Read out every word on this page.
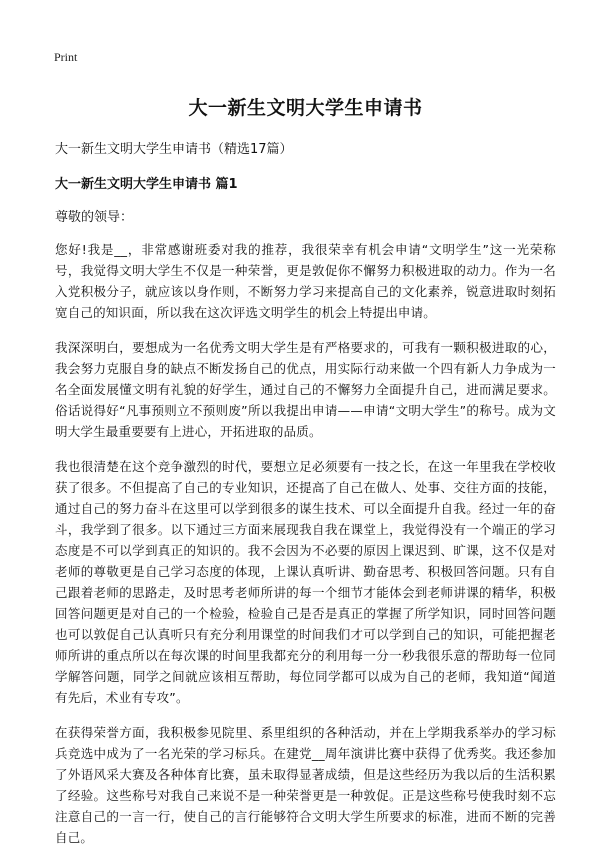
Print
大一新生文明大学生申请书
大一新生文明大学生申请书（精选17篇）
大一新生文明大学生申请书 篇1
尊敬的领导：

您好!我是__，非常感谢班委对我的推荐，我很荣幸有机会申请“文明学生”这一光荣称号，我觉得文明大学生不仅是一种荣誉，更是敦促你不懈努力积极进取的动力。作为一名入党积极分子，就应该以身作则，不断努力学习来提高自己的文化素养，锐意进取时刻拓宽自己的知识面，所以我在这次评选文明学生的机会上特提出申请。

我深深明白，要想成为一名优秀文明大学生是有严格要求的，可我有一颗积极进取的心，我会努力克服自身的缺点不断发扬自己的优点，用实际行动来做一个四有新人力争成为一名全面发展懂文明有礼貌的好学生，通过自己的不懈努力全面提升自己，进而满足要求。俗话说得好“凡事预则立不预则废”所以我提出申请——申请“文明大学生”的称号。成为文明大学生最重要要有上进心，开拓进取的品质。

我也很清楚在这个竞争激烈的时代，要想立足必须要有一技之长，在这一年里我在学校收获了很多。不但提高了自己的专业知识，还提高了自己在做人、处事、交往方面的技能，通过自己的努力奋斗在这里可以学到很多的谋生技术、可以全面提升自我。经过一年的奋斗，我学到了很多。以下通过三方面来展现我自我在课堂上，我觉得没有一个端正的学习态度是不可以学到真正的知识的。我不会因为不必要的原因上课迟到、旷课，这不仅是对老师的尊敬更是自己学习态度的体现，上课认真听讲、勤奋思考、积极回答问题。只有自己跟着老师的思路走，及时思考老师所讲的每一个细节才能体会到老师讲课的精华，积极回答问题更是对自己的一个检验，检验自己是否是真正的掌握了所学知识，同时回答问题也可以敦促自己认真听只有充分利用课堂的时间我们才可以学到自己的知识，可能把握老师所讲的重点所以在每次课的时间里我都充分的利用每一分一秒我很乐意的帮助每一位同学解答问题，同学之间就应该相互帮助，每位同学都可以成为自己的老师，我知道“闻道有先后，术业有专攻”。

在获得荣誉方面，我积极参见院里、系里组织的各种活动，并在上学期我系举办的学习标兵竞选中成为了一名光荣的学习标兵。在建党__周年演讲比赛中获得了优秀奖。我还参加了外语风采大赛及各种体育比赛，虽未取得显著成绩，但是这些经历为我以后的生活积累了经验。这些称号对我自己来说不是一种荣誉更是一种敦促。正是这些称号使我时刻不忘注意自己的一言一行，使自己的言行能够符合文明大学生所要求的标准，进而不断的完善自己。
